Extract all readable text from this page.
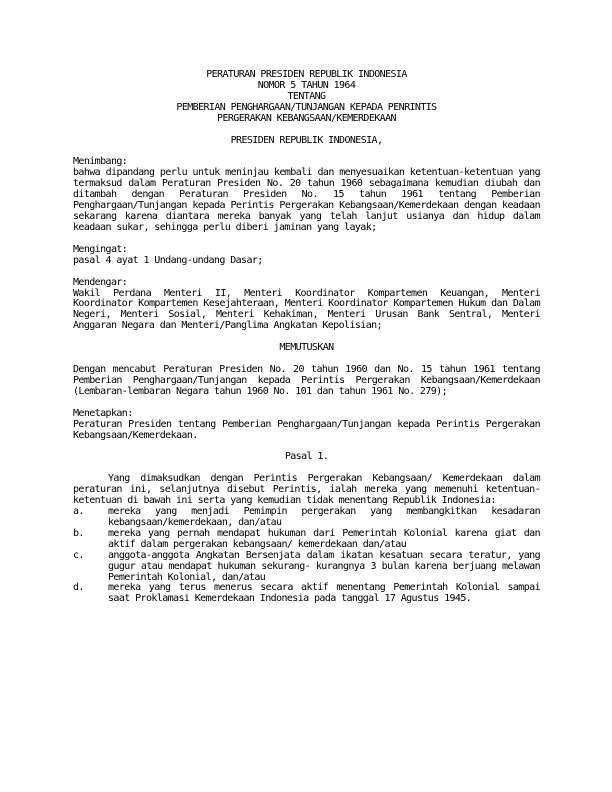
PERATURAN PRESIDEN REPUBLIK INDONESIA
NOMOR 5 TAHUN 1964
TENTANG
PEMBERIAN PENGHARGAAN/TUNJANGAN KEPADA PENRINTIS
PERGERAKAN KEBANGSAAN/KEMERDEKAAN
PRESIDEN REPUBLIK INDONESIA,
Menimbang:
bahwa dipandang perlu untuk meninjau kembali dan menyesuaikan ketentuan-ketentuan yang termaksud dalam Peraturan Presiden No. 20 tahun 1960 sebagaimana kemudian diubah dan ditambah dengan Peraturan Presiden No. 15 tahun 1961 tentang Pemberian Penghargaan/Tunjangan kepada Perintis Pergerakan Kebangsaan/Kemerdekaan dengan keadaan sekarang karena diantara mereka banyak yang telah lanjut usianya dan hidup dalam keadaan sukar, sehingga perlu diberi jaminan yang layak;
Mengingat:
pasal 4 ayat 1 Undang-undang Dasar;
Mendengar:
Wakil Perdana Menteri II, Menteri Koordinator Kompartemen Keuangan, Menteri Koordinator Kompartemen Kesejahteraan, Menteri Koordinator Kompartemen Hukum dan Dalam Negeri, Menteri Sosial, Menteri Kehakiman, Menteri Urusan Bank Sentral, Menteri Anggaran Negara dan Menteri/Panglima Angkatan Kepolisian;
MEMUTUSKAN
Dengan mencabut Peraturan Presiden No. 20 tahun 1960 dan No. 15 tahun 1961 tentang Pemberian Penghargaan/Tunjangan kepada Perintis Pergerakan Kebangsaan/Kemerdekaan (Lembaran-lembaran Negara tahun 1960 No. 101 dan tahun 1961 No. 279);
Menetapkan:
Peraturan Presiden tentang Pemberian Penghargaan/Tunjangan kepada Perintis Pergerakan Kebangsaan/Kemerdekaan.
Pasal 1.
Yang dimaksudkan dengan Perintis Pergerakan Kebangsaan/ Kemerdekaan dalam peraturan ini, selanjutnya disebut Perintis, ialah mereka yang memenuhi ketentuan-ketentuan di bawah ini serta yang kemudian tidak menentang Republik Indonesia:
a.	mereka yang menjadi Pemimpin pergerakan yang membangkitkan kesadaran kebangsaan/kemerdekaan, dan/atau
b.	mereka yang pernah mendapat hukuman dari Pemerintah Kolonial karena giat dan aktif dalam pergerakan kebangsaan/ kemerdekaan dan/atau
c.	anggota-anggota Angkatan Bersenjata dalam ikatan kesatuan secara teratur, yang gugur atau mendapat hukuman sekurang- kurangnya 3 bulan karena berjuang melawan Pemerintah Kolonial, dan/atau
d.	mereka yang terus menerus secara aktif menentang Pemerintah Kolonial sampai saat Proklamasi Kemerdekaan Indonesia pada tanggal 17 Agustus 1945.
